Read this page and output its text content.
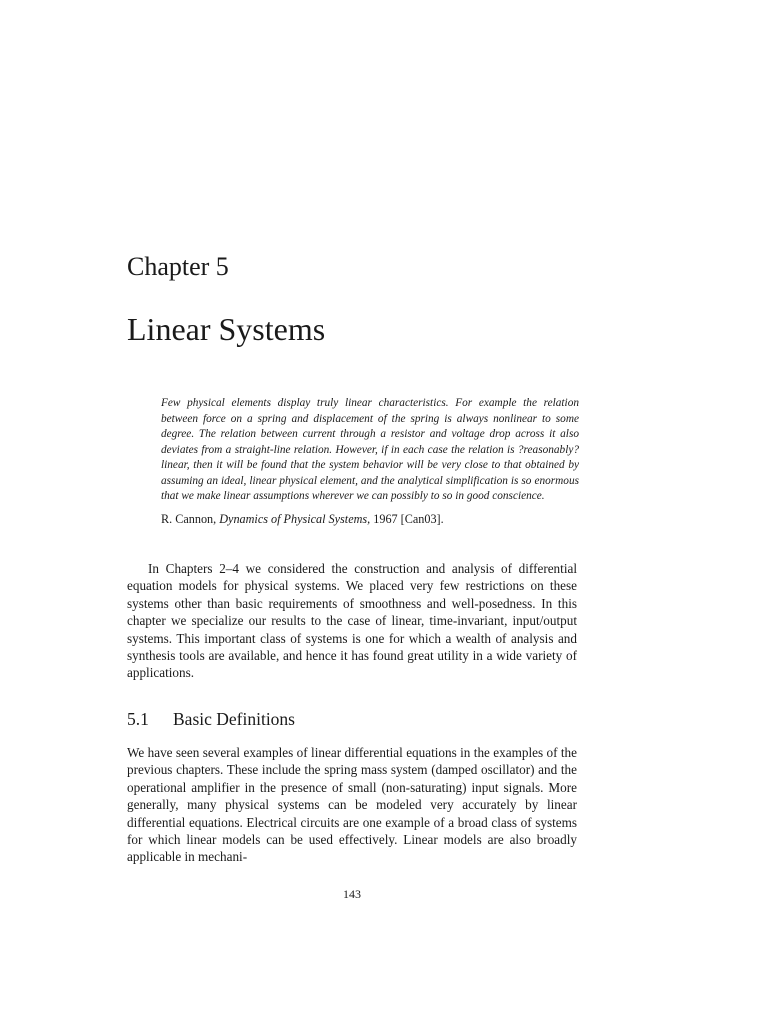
Chapter 5
Linear Systems

Few physical elements display truly linear characteristics. For example the relation between force on a spring and displacement of the spring is always nonlinear to some degree. The relation between current through a resistor and voltage drop across it also deviates from a straight-line relation. However, if in each case the relation is ?reasonably? linear, then it will be found that the system behavior will be very close to that obtained by assuming an ideal, linear physical element, and the analytical simplification is so enormous that we make linear assumptions wherever we can possibly to so in good conscience.

R. Cannon, Dynamics of Physical Systems, 1967 [Can03].

In Chapters 2–4 we considered the construction and analysis of differential equation models for physical systems. We placed very few restrictions on these systems other than basic requirements of smoothness and well-posedness. In this chapter we specialize our results to the case of linear, time-invariant, input/output systems. This important class of systems is one for which a wealth of analysis and synthesis tools are available, and hence it has found great utility in a wide variety of applications.

5.1 Basic Definitions

We have seen several examples of linear differential equations in the examples of the previous chapters. These include the spring mass system (damped oscillator) and the operational amplifier in the presence of small (non-saturating) input signals. More generally, many physical systems can be modeled very accurately by linear differential equations. Electrical circuits are one example of a broad class of systems for which linear models can be used effectively. Linear models are also broadly applicable in mechani-

143
